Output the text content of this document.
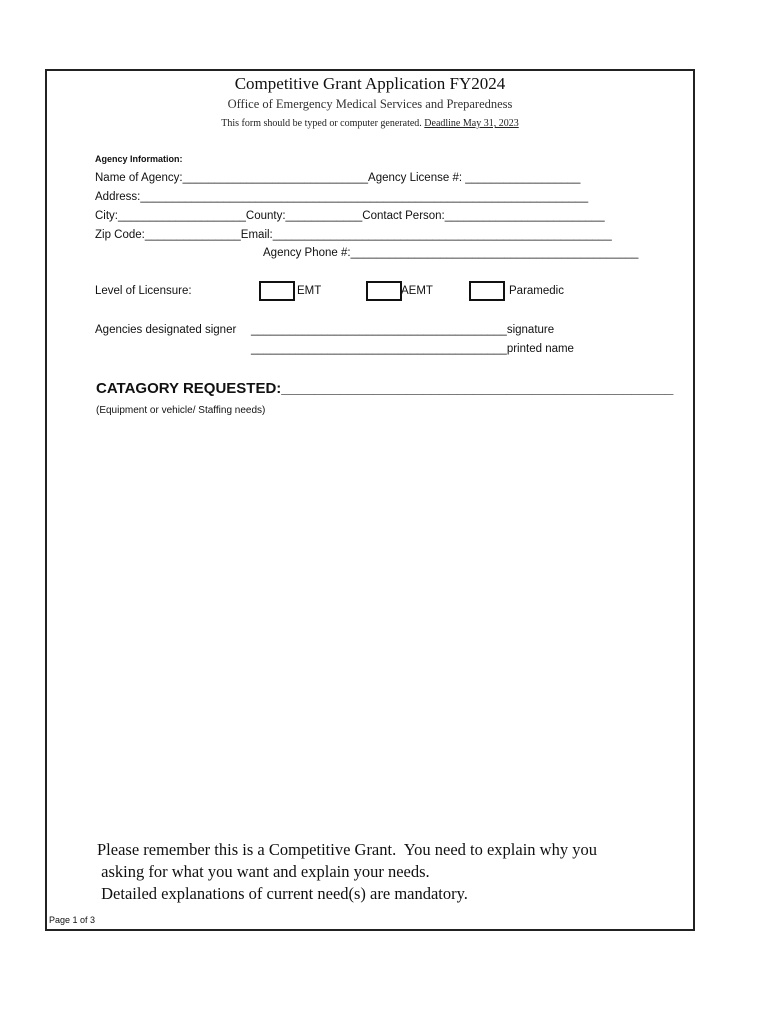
Competitive Grant Application FY2024
Office of Emergency Medical Services and Preparedness
This form should be typed or computer generated. Deadline May 31, 2023
Agency Information:
Name of Agency:_____________________________Agency License #: __________________
Address:______________________________________________________________________
City:____________________County:____________Contact Person:_________________________
Zip Code:_______________Email:_____________________________________________________
Agency Phone #:_____________________________________________
Level of Licensure:	EMT	AEMT	Paramedic
Agencies designated signer ________________________________________signature
________________________________________printed name
CATAGORY REQUESTED:_______________________________________________
(Equipment or vehicle/ Staffing needs)
Please remember this is a Competitive Grant.  You need to explain why you
asking for what you want and explain your needs.
Detailed explanations of current need(s) are mandatory.
Page 1 of 3
